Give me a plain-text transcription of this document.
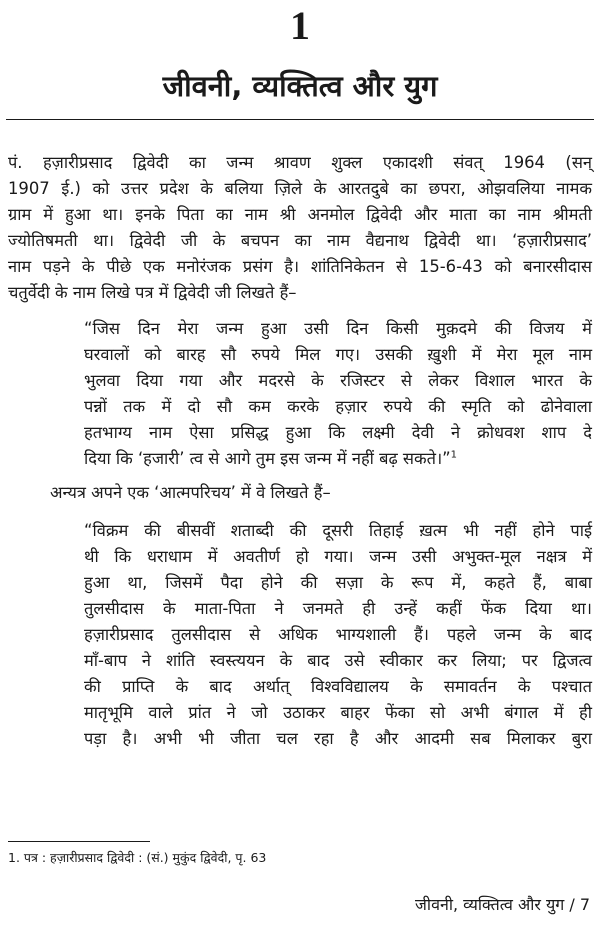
1
जीवनी, व्यक्तित्व और युग
पं. हज़ारीप्रसाद द्विवेदी का जन्म श्रावण शुक्ल एकादशी संवत् 1964 (सन्
1907 ई.) को उत्तर प्रदेश के बलिया ज़िले के आरतदुबे का छपरा, ओझवलिया नामक
ग्राम में हुआ था। इनके पिता का नाम श्री अनमोल द्विवेदी और माता का नाम श्रीमती
ज्योतिषमती था। द्विवेदी जी के बचपन का नाम वैद्यनाथ द्विवेदी था। ‘हज़ारीप्रसाद’
नाम पड़ने के पीछे एक मनोरंजक प्रसंग है। शांतिनिकेतन से 15-6-43 को बनारसीदास
चतुर्वेदी के नाम लिखे पत्र में द्विवेदी जी लिखते हैं–
“जिस दिन मेरा जन्म हुआ उसी दिन किसी मुक़दमे की विजय में
घरवालों को बारह सौ रुपये मिल गए। उसकी ख़ुशी में मेरा मूल नाम
भुलवा दिया गया और मदरसे के रजिस्टर से लेकर विशाल भारत के
पन्नों तक में दो सौ कम करके हज़ार रुपये की स्मृति को ढोनेवाला
हतभाग्य नाम ऐसा प्रसिद्ध हुआ कि लक्ष्मी देवी ने क्रोधवश शाप दे
दिया कि ‘हजारी’ त्व से आगे तुम इस जन्म में नहीं बढ़ सकते।”$^1$
अन्यत्र अपने एक ‘आत्मपरिचय’ में वे लिखते हैं–
“विक्रम की बीसवीं शताब्दी की दूसरी तिहाई ख़त्म भी नहीं होने पाई
थी कि धराधाम में अवतीर्ण हो गया। जन्म उसी अभुक्त-मूल नक्षत्र में
हुआ था, जिसमें पैदा होने की सज़ा के रूप में, कहते हैं, बाबा
तुलसीदास के माता-पिता ने जनमते ही उन्हें कहीं फेंक दिया था।
हज़ारीप्रसाद तुलसीदास से अधिक भाग्यशाली हैं। पहले जन्म के बाद
माँ-बाप ने शांति स्वस्त्ययन के बाद उसे स्वीकार कर लिया; पर द्विजत्व
की प्राप्ति के बाद अर्थात् विश्वविद्यालय के समावर्तन के पश्चात
मातृभूमि वाले प्रांत ने जो उठाकर बाहर फेंका सो अभी बंगाल में ही
पड़ा है। अभी भी जीता चल रहा है और आदमी सब मिलाकर बुरा
1. पत्र : हज़ारीप्रसाद द्विवेदी : (सं.) मुकुंद द्विवेदी, पृ. 63
जीवनी, व्यक्तित्व और युग / 7
